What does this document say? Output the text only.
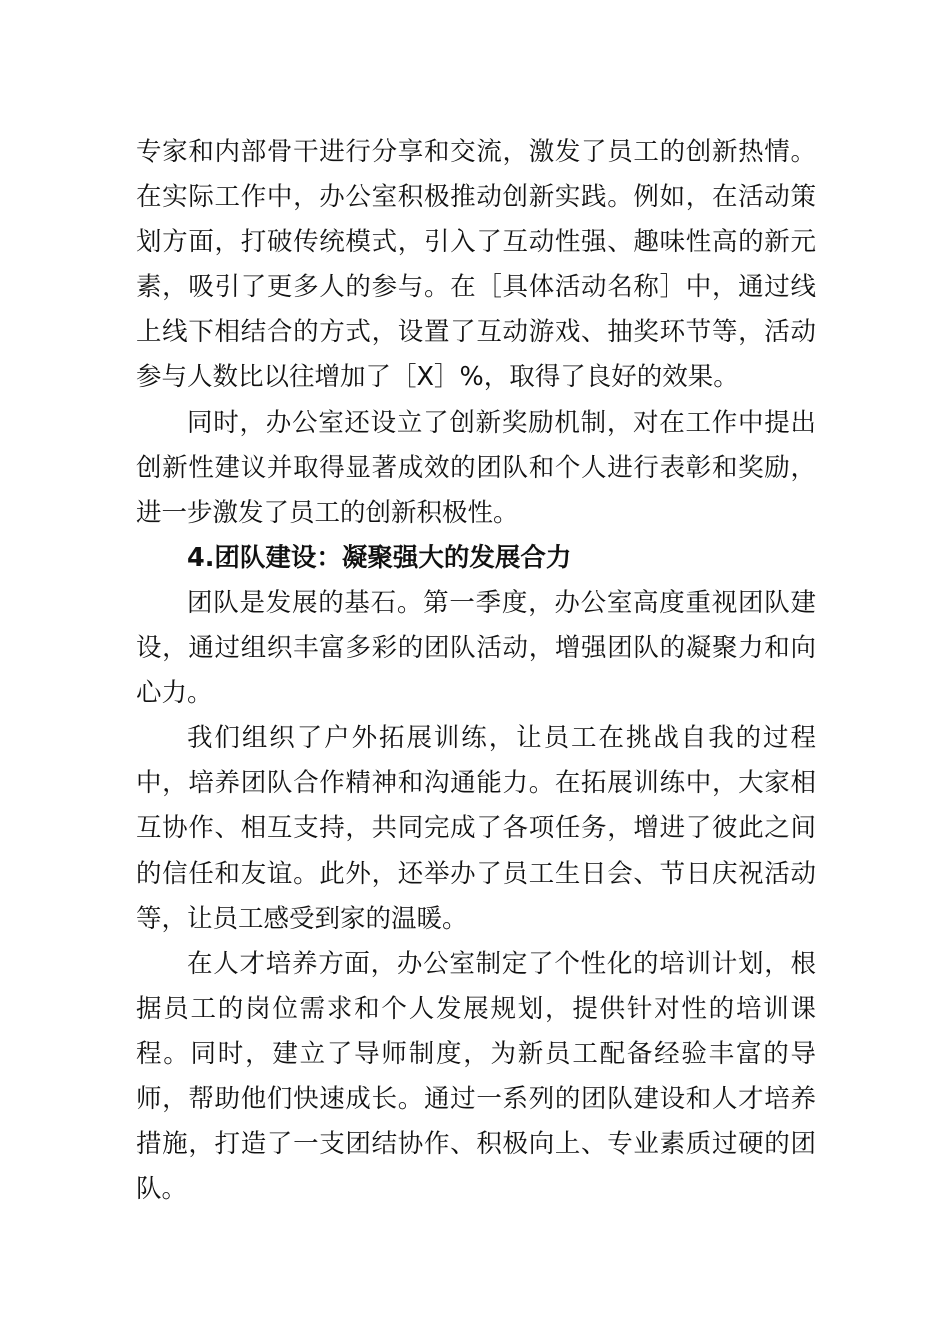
专家和内部骨干进行分享和交流，激发了员工的创新热情。
在实际工作中，办公室积极推动创新实践。例如，在活动策
划方面，打破传统模式，引入了互动性强、趣味性高的新元
素，吸引了更多人的参与。在［具体活动名称］中，通过线
上线下相结合的方式，设置了互动游戏、抽奖环节等，活动
参与人数比以往增加了［X］%，取得了良好的效果。
同时，办公室还设立了创新奖励机制，对在工作中提出
创新性建议并取得显著成效的团队和个人进行表彰和奖励，
进一步激发了员工的创新积极性。
4.团队建设：凝聚强大的发展合力
团队是发展的基石。第一季度，办公室高度重视团队建
设，通过组织丰富多彩的团队活动，增强团队的凝聚力和向
心力。
我们组织了户外拓展训练，让员工在挑战自我的过程
中，培养团队合作精神和沟通能力。在拓展训练中，大家相
互协作、相互支持，共同完成了各项任务，增进了彼此之间
的信任和友谊。此外，还举办了员工生日会、节日庆祝活动
等，让员工感受到家的温暖。
在人才培养方面，办公室制定了个性化的培训计划，根
据员工的岗位需求和个人发展规划，提供针对性的培训课
程。同时，建立了导师制度，为新员工配备经验丰富的导
师，帮助他们快速成长。通过一系列的团队建设和人才培养
措施，打造了一支团结协作、积极向上、专业素质过硬的团
队。
